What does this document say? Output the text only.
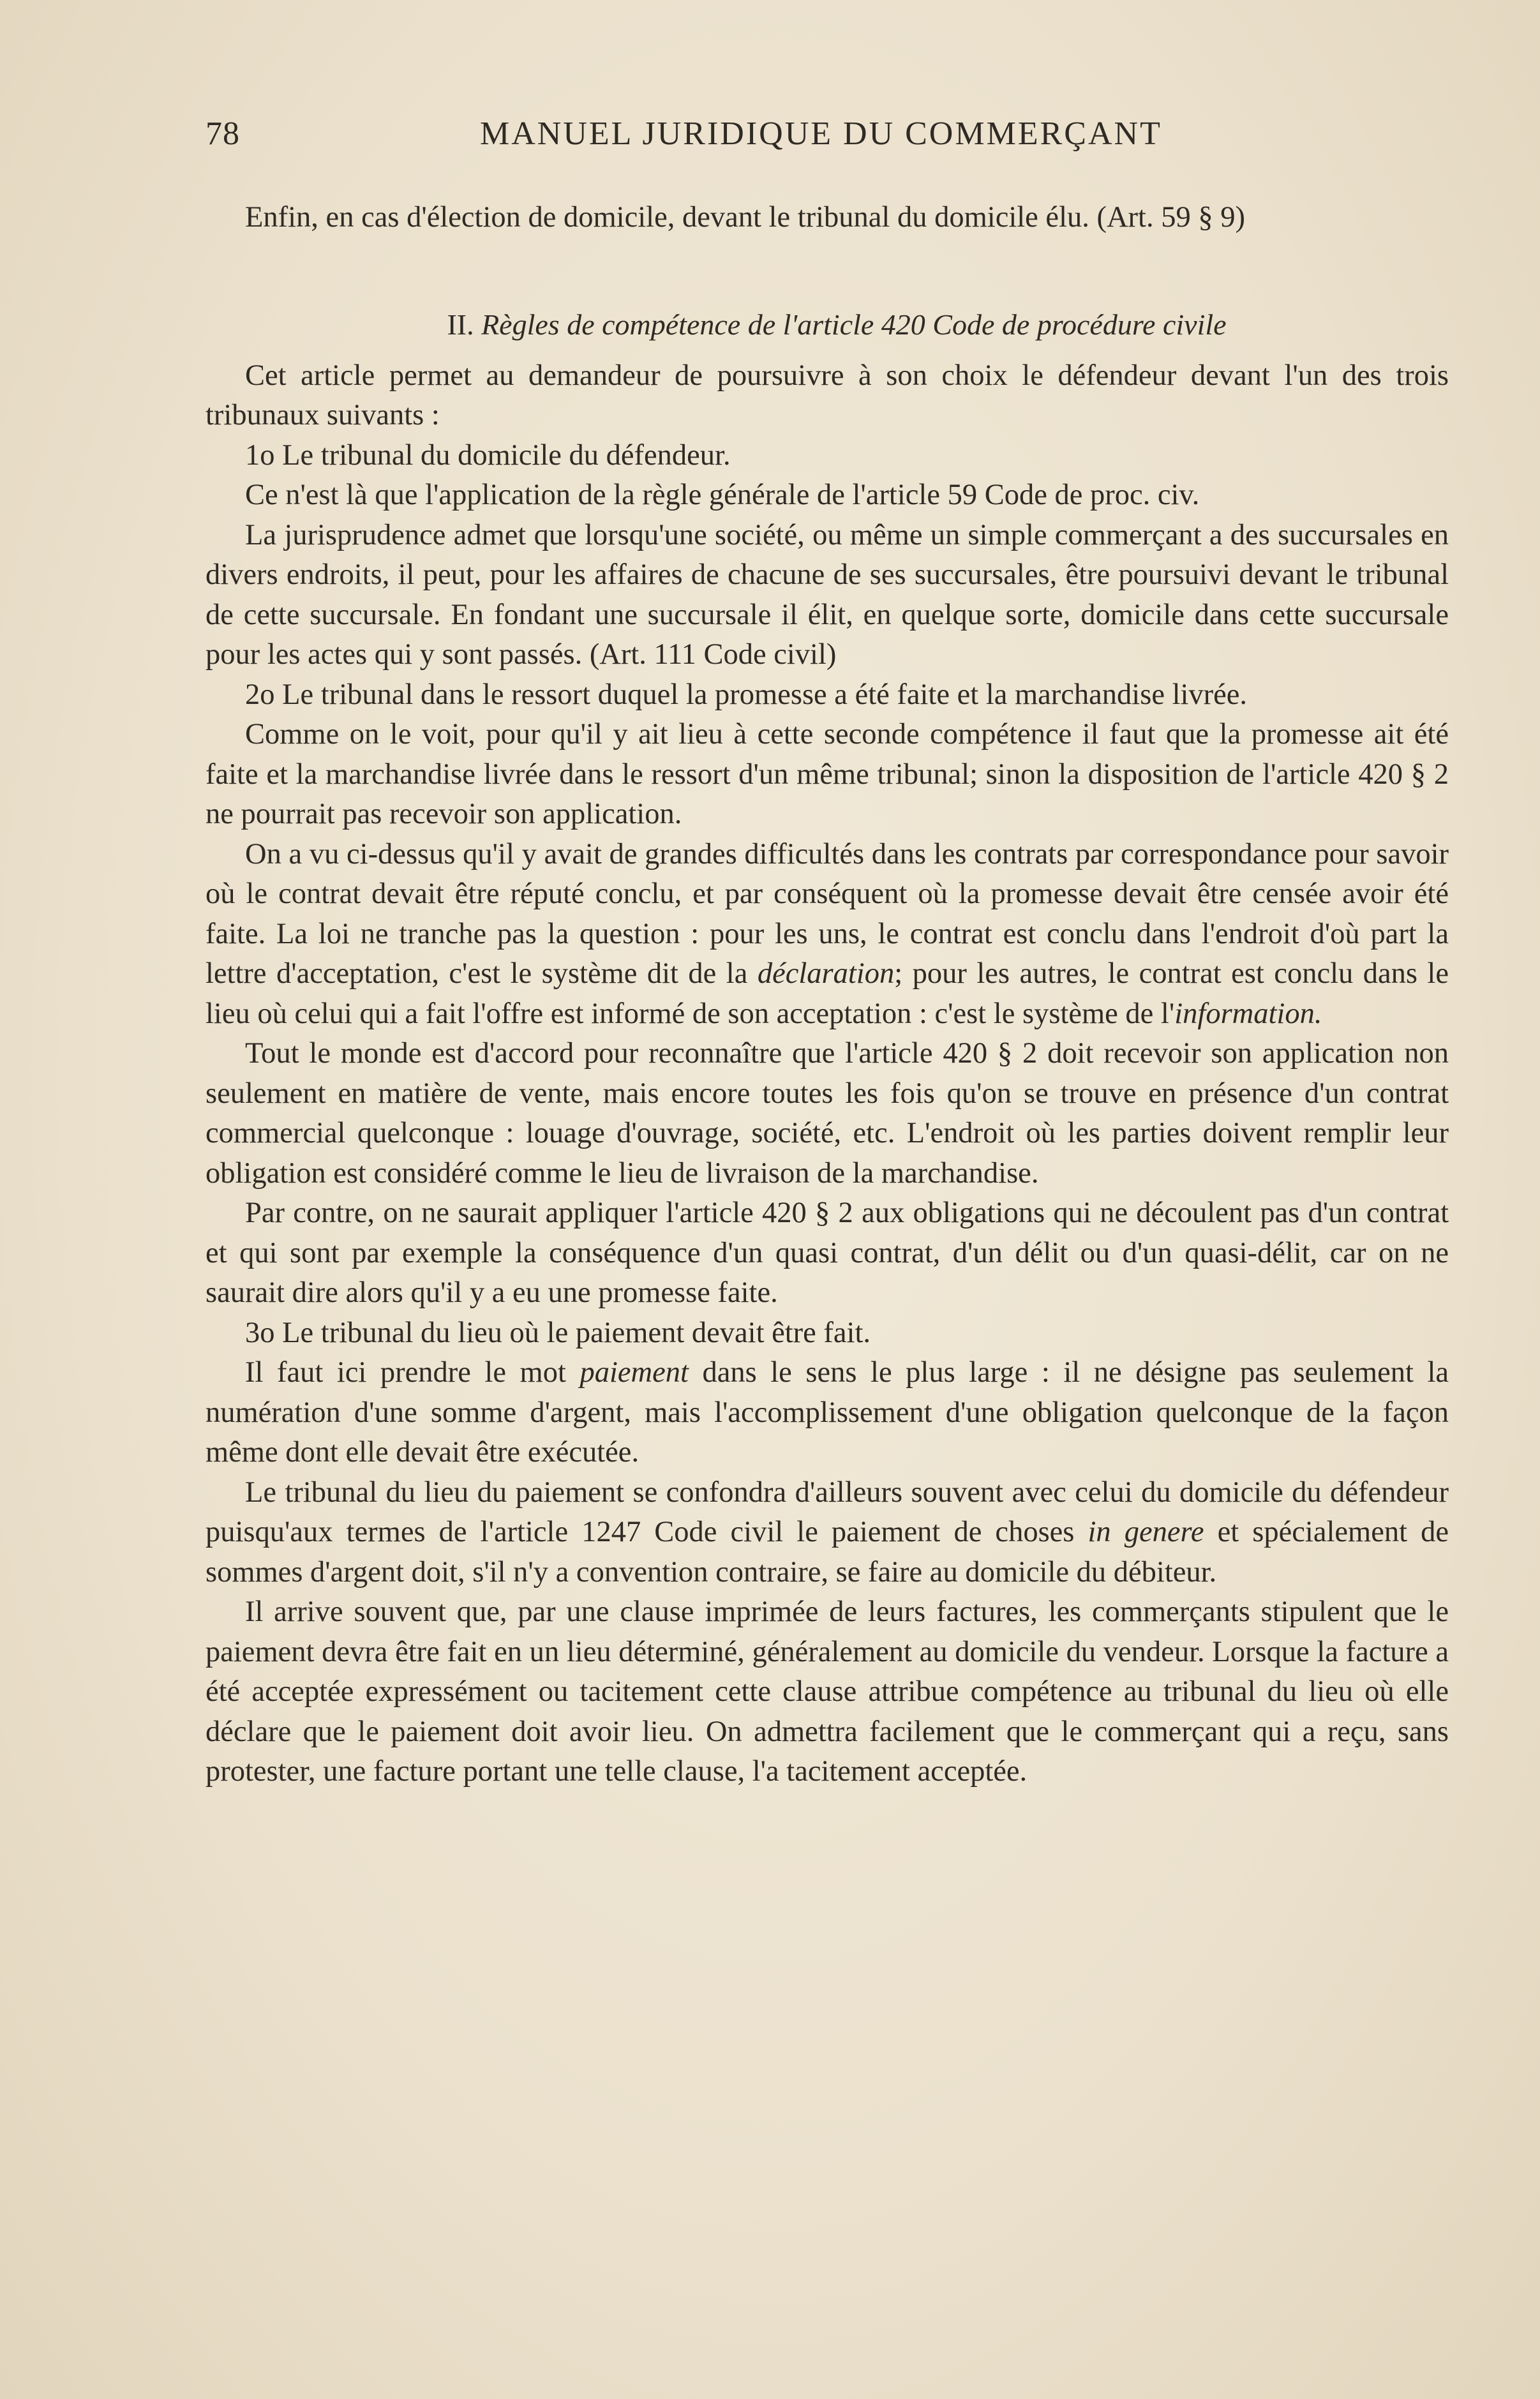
78	MANUEL JURIDIQUE DU COMMERÇANT

Enfin, en cas d'élection de domicile, devant le tribunal du domicile élu. (Art. 59 § 9)

II. Règles de compétence de l'article 420 Code de procédure civile

Cet article permet au demandeur de poursuivre à son choix le défendeur devant l'un des trois tribunaux suivants :

1o Le tribunal du domicile du défendeur.

Ce n'est là que l'application de la règle générale de l'article 59 Code de proc. civ.

La jurisprudence admet que lorsqu'une société, ou même un simple commerçant a des succursales en divers endroits, il peut, pour les affaires de chacune de ses succursales, être poursuivi devant le tribunal de cette succursale. En fondant une succursale il élit, en quelque sorte, domicile dans cette succursale pour les actes qui y sont passés. (Art. 111 Code civil)

2o Le tribunal dans le ressort duquel la promesse a été faite et la marchandise livrée.

Comme on le voit, pour qu'il y ait lieu à cette seconde compétence il faut que la promesse ait été faite et la marchandise livrée dans le ressort d'un même tribunal; sinon la disposition de l'article 420 § 2 ne pourrait pas recevoir son application.

On a vu ci-dessus qu'il y avait de grandes difficultés dans les contrats par correspondance pour savoir où le contrat devait être réputé conclu, et par conséquent où la promesse devait être censée avoir été faite. La loi ne tranche pas la question : pour les uns, le contrat est conclu dans l'endroit d'où part la lettre d'acceptation, c'est le système dit de la déclaration; pour les autres, le contrat est conclu dans le lieu où celui qui a fait l'offre est informé de son acceptation : c'est le système de l'information.

Tout le monde est d'accord pour reconnaître que l'article 420 § 2 doit recevoir son application non seulement en matière de vente, mais encore toutes les fois qu'on se trouve en présence d'un contrat commercial quelconque : louage d'ouvrage, société, etc. L'endroit où les parties doivent remplir leur obligation est considéré comme le lieu de livraison de la marchandise.

Par contre, on ne saurait appliquer l'article 420 § 2 aux obligations qui ne découlent pas d'un contrat et qui sont par exemple la conséquence d'un quasi contrat, d'un délit ou d'un quasi-délit, car on ne saurait dire alors qu'il y a eu une promesse faite.

3o Le tribunal du lieu où le paiement devait être fait.

Il faut ici prendre le mot paiement dans le sens le plus large : il ne désigne pas seulement la numération d'une somme d'argent, mais l'accomplissement d'une obligation quelconque de la façon même dont elle devait être exécutée.

Le tribunal du lieu du paiement se confondra d'ailleurs souvent avec celui du domicile du défendeur puisqu'aux termes de l'article 1247 Code civil le paiement de choses in genere et spécialement de sommes d'argent doit, s'il n'y a convention contraire, se faire au domicile du débiteur.

Il arrive souvent que, par une clause imprimée de leurs factures, les commerçants stipulent que le paiement devra être fait en un lieu déterminé, généralement au domicile du vendeur. Lorsque la facture a été acceptée expressément ou tacitement cette clause attribue compétence au tribunal du lieu où elle déclare que le paiement doit avoir lieu. On admettra facilement que le commerçant qui a reçu, sans protester, une facture portant une telle clause, l'a tacitement acceptée.
